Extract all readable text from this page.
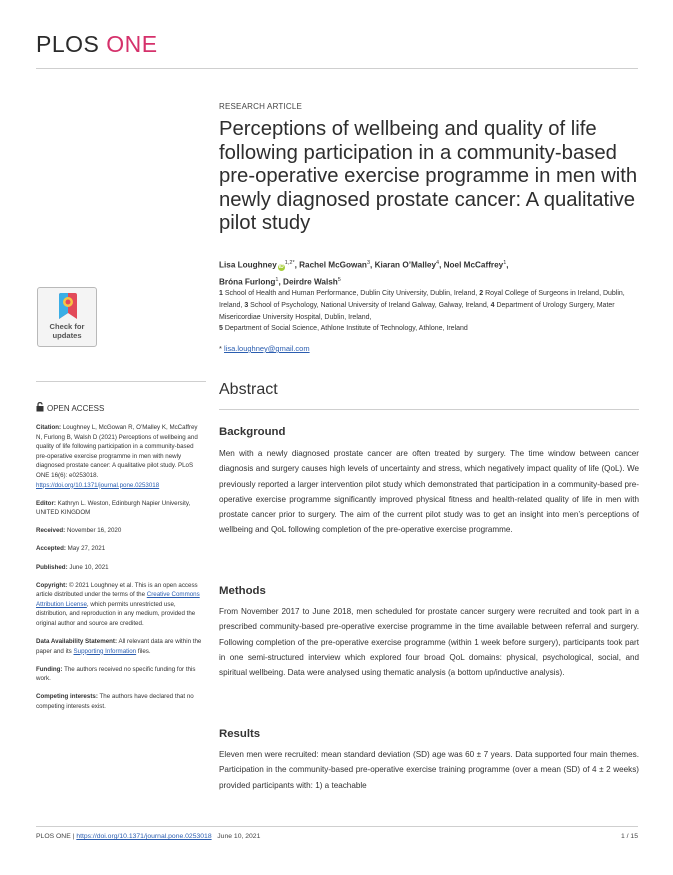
PLOS ONE
RESEARCH ARTICLE
Perceptions of wellbeing and quality of life following participation in a community-based pre-operative exercise programme in men with newly diagnosed prostate cancer: A qualitative pilot study
Lisa Loughney $iD^{1,2*}$, Rachel McGowan$^3$, Kiaran O’Malley$^4$, Noel McCaffrey$^1$,
Brόna Furlong$^1$, Deirdre Walsh$^5$
1 School of Health and Human Performance, Dublin City University, Dublin, Ireland, 2 Royal College of Surgeons in Ireland, Dublin, Ireland, 3 School of Psychology, National University of Ireland Galway, Galway, Ireland, 4 Department of Urology Surgery, Mater Misericordiae University Hospital, Dublin, Ireland,
5 Department of Social Science, Athlone Institute of Technology, Athlone, Ireland
* lisa.loughney@gmail.com
Check for
updates
OPEN ACCESS

Citation: Loughney L, McGowan R, O’Malley K, McCaffrey N, Furlong B, Walsh D (2021) Perceptions of wellbeing and quality of life following participation in a community-based pre-operative exercise programme in men with newly diagnosed prostate cancer: A qualitative pilot study. PLoS ONE 16(6): e0253018. https://doi.org/10.1371/journal.pone.0253018

Editor: Kathryn L. Weston, Edinburgh Napier University, UNITED KINGDOM

Received: November 16, 2020

Accepted: May 27, 2021

Published: June 10, 2021

Copyright: © 2021 Loughney et al. This is an open access article distributed under the terms of the Creative Commons Attribution License, which permits unrestricted use, distribution, and reproduction in any medium, provided the original author and source are credited.

Data Availability Statement: All relevant data are within the paper and its Supporting Information files.

Funding: The authors received no specific funding for this work.

Competing interests: The authors have declared that no competing interests exist.

Abstract
Background

Men with a newly diagnosed prostate cancer are often treated by surgery. The time window between cancer diagnosis and surgery causes high levels of uncertainty and stress, which negatively impact quality of life (QoL). We previously reported a larger intervention pilot study which demonstrated that participation in a community-based pre-operative exercise programme significantly improved physical fitness and health-related quality of life in men with prostate cancer prior to surgery. The aim of the current pilot study was to get an insight into men’s perceptions of wellbeing and QoL following completion of the pre-operative exercise programme.

Methods

From November 2017 to June 2018, men scheduled for prostate cancer surgery were recruited and took part in a prescribed community-based pre-operative exercise programme in the time available between referral and surgery. Following completion of the pre-operative exercise programme (within 1 week before surgery), participants took part in one semi-structured interview which explored four broad QoL domains: physical, psychological, social, and spiritual wellbeing. Data were analysed using thematic analysis (a bottom up/inductive analysis).

Results

Eleven men were recruited: mean standard deviation (SD) age was 60 ± 7 years. Data supported four main themes. Participation in the community-based pre-operative exercise training programme (over a mean (SD) of 4 ± 2 weeks) provided participants with: 1) a teachable

PLOS ONE | https://doi.org/10.1371/journal.pone.0253018 June 10, 2021	1 / 15
